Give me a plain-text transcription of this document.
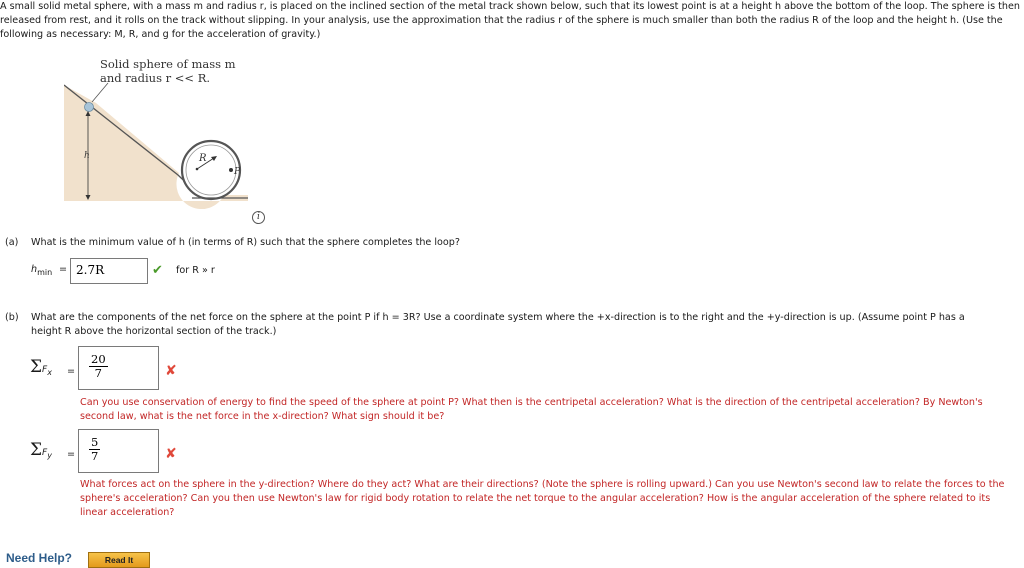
A small solid metal sphere, with a mass m and radius r, is placed on the inclined section of the metal track shown below, such that its lowest point is at a height h above the bottom of the loop. The sphere is then released from rest, and it rolls on the track without slipping. In your analysis, use the approximation that the radius r of the sphere is much smaller than both the radius R of the loop and the height h. (Use the following as necessary: M, R, and g for the acceleration of gravity.)
h	R
P
Solid sphere of mass m
and radius r << R.
i
(a) What is the minimum value of h (in terms of R) such that the sphere completes the loop?
$h_{min} = 2.7R$	✔ for R » r
(b) What are the components of the net force on the sphere at the point P if h = 3R? Use a coordinate system where the +x-direction is to the right and the +y-direction is up. (Assume point P has a
height R above the horizontal section of the track.)
$\Sigma F_x = \frac{20}{7}$	✘
Can you use conservation of energy to find the speed of the sphere at point P? What then is the centripetal acceleration? What is the direction of the centripetal acceleration? By Newton's second law, what is the net force in the x-direction? What sign should it be?
$\Sigma F_y = \frac{5}{7}$	✘
What forces act on the sphere in the y-direction? Where do they act? What are their directions? (Note the sphere is rolling upward.) Can you use Newton's second law to relate the forces to the sphere's acceleration? Can you then use Newton's law for rigid body rotation to relate the net torque to the angular acceleration? How is the angular acceleration of the sphere related to its linear acceleration?
Need Help?	Read It
